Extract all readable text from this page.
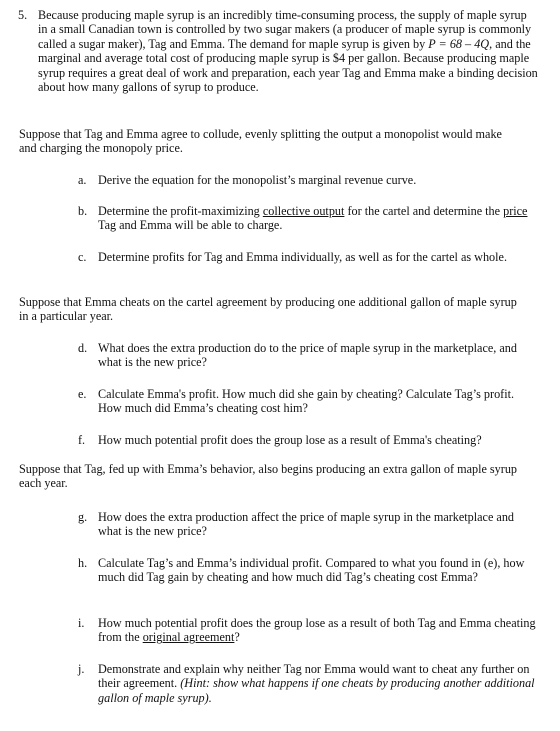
5. Because producing maple syrup is an incredibly time-consuming process, the supply of maple syrup in a small Canadian town is controlled by two sugar makers (a producer of maple syrup is commonly called a sugar maker), Tag and Emma. The demand for maple syrup is given by P = 68 – 4Q, and the marginal and average total cost of producing maple syrup is $4 per gallon. Because producing maple syrup requires a great deal of work and preparation, each year Tag and Emma make a binding decision about how many gallons of syrup to produce.

Suppose that Tag and Emma agree to collude, evenly splitting the output a monopolist would make and charging the monopoly price.

a. Derive the equation for the monopolist’s marginal revenue curve.

b. Determine the profit-maximizing collective output for the cartel and determine the price Tag and Emma will be able to charge.

c. Determine profits for Tag and Emma individually, as well as for the cartel as whole.

Suppose that Emma cheats on the cartel agreement by producing one additional gallon of maple syrup in a particular year.

d. What does the extra production do to the price of maple syrup in the marketplace, and what is the new price?

e. Calculate Emma's profit. How much did she gain by cheating? Calculate Tag’s profit. How much did Emma’s cheating cost him?

f.	How much potential profit does the group lose as a result of Emma's cheating?

Suppose that Tag, fed up with Emma’s behavior, also begins producing an extra gallon of maple syrup each year.

g. How does the extra production affect the price of maple syrup in the marketplace and what is the new price?

h. Calculate Tag’s and Emma’s individual profit. Compared to what you found in (e), how much did Tag gain by cheating and how much did Tag’s cheating cost Emma?

i.	How much potential profit does the group lose as a result of both Tag and Emma cheating from the original agreement?

j.	Demonstrate and explain why neither Tag nor Emma would want to cheat any further on their agreement. (Hint: show what happens if one cheats by producing another additional gallon of maple syrup).
